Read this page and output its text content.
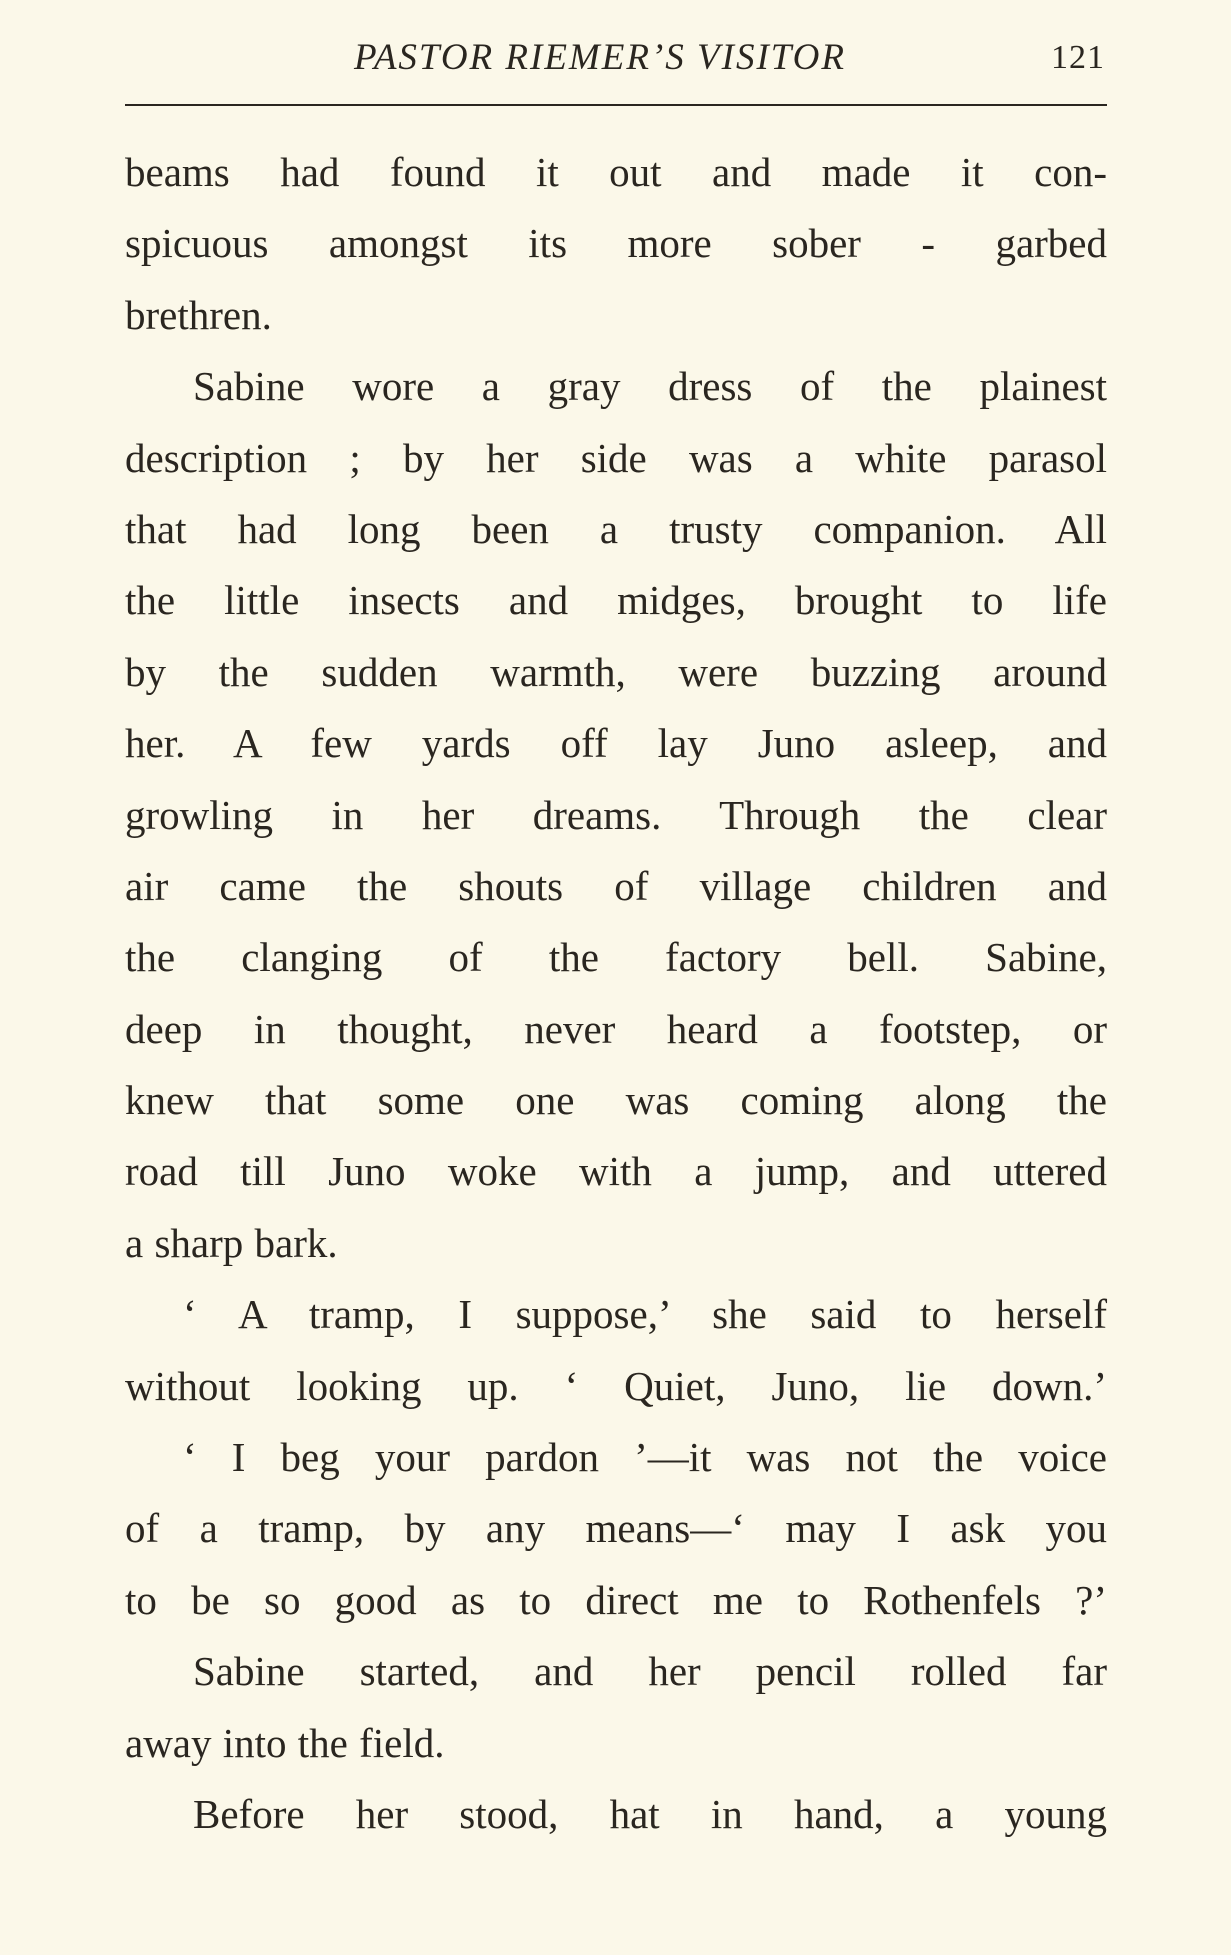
PASTOR RIEMER’S VISITOR	121
beams had found it out and made it con-
spicuous amongst its more sober - garbed
brethren.
Sabine wore a gray dress of the plainest
description ; by her side was a white parasol
that had long been a trusty companion. All
the little insects and midges, brought to life
by the sudden warmth, were buzzing around
her. A few yards off lay Juno asleep, and
growling in her dreams. Through the clear
air came the shouts of village children and
the clanging of the factory bell. Sabine,
deep in thought, never heard a footstep, or
knew that some one was coming along the
road till Juno woke with a jump, and uttered
a sharp bark.
‘ A tramp, I suppose,’ she said to herself
without looking up. ‘ Quiet, Juno, lie down.’
‘ I beg your pardon ’—it was not the voice
of a tramp, by any means—‘ may I ask you
to be so good as to direct me to Rothenfels ?’
Sabine started, and her pencil rolled far
away into the field.
Before her stood, hat in hand, a young
